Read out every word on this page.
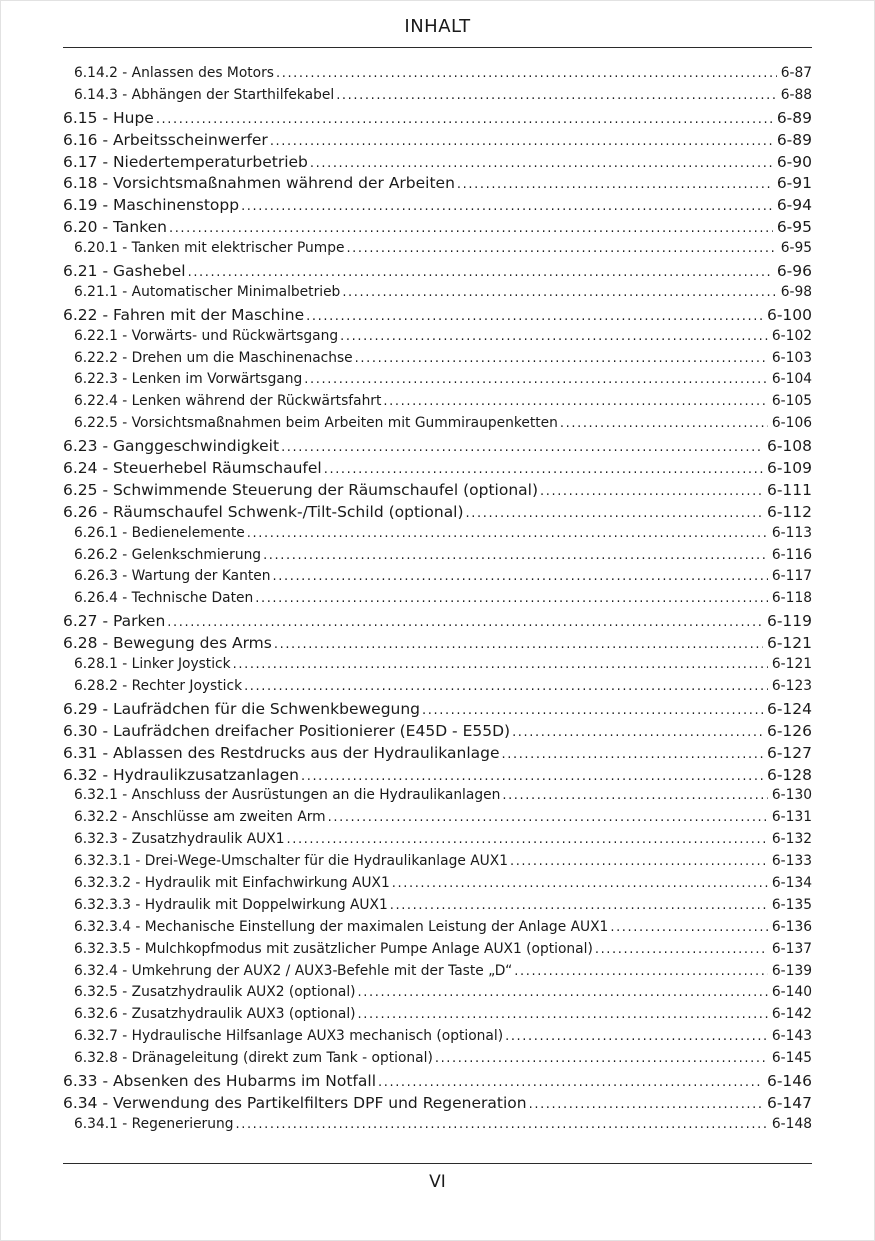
INHALT
6.14.2 - Anlassen des Motors .....	6-87
6.14.3 - Abhängen der Starthilfekabel .....	6-88
6.15 - Hupe .....	6-89
6.16 - Arbeitsscheinwerfer .....	6-89
6.17 - Niedertemperaturbetrieb .....	6-90
6.18 - Vorsichtsmaßnahmen während der Arbeiten .....	6-91
6.19 - Maschinenstopp .....	6-94
6.20 - Tanken .....	6-95
6.20.1 - Tanken mit elektrischer Pumpe .....	6-95
6.21 - Gashebel .....	6-96
6.21.1 - Automatischer Minimalbetrieb .....	6-98
6.22 - Fahren mit der Maschine .....	6-100
6.22.1 - Vorwärts- und Rückwärtsgang .....	6-102
6.22.2 - Drehen um die Maschinenachse .....	6-103
6.22.3 - Lenken im Vorwärtsgang .....	6-104
6.22.4 - Lenken während der Rückwärtsfahrt .....	6-105
6.22.5 - Vorsichtsmaßnahmen beim Arbeiten mit Gummiraupenketten .....	6-106
6.23 - Ganggeschwindigkeit .....	6-108
6.24 - Steuerhebel Räumschaufel .....	6-109
6.25 - Schwimmende Steuerung der Räumschaufel (optional) .....	6-111
6.26 - Räumschaufel Schwenk-/Tilt-Schild (optional) .....	6-112
6.26.1 - Bedienelemente .....	6-113
6.26.2 - Gelenkschmierung .....	6-116
6.26.3 - Wartung der Kanten .....	6-117
6.26.4 - Technische Daten .....	6-118
6.27 - Parken .....	6-119
6.28 - Bewegung des Arms .....	6-121
6.28.1 - Linker Joystick .....	6-121
6.28.2 - Rechter Joystick .....	6-123
6.29 - Laufrädchen für die Schwenkbewegung .....	6-124
6.30 - Laufrädchen dreifacher Positionierer (E45D - E55D) .....	6-126
6.31 - Ablassen des Restdrucks aus der Hydraulikanlage .....	6-127
6.32 - Hydraulikzusatzanlagen .....	6-128
6.32.1 - Anschluss der Ausrüstungen an die Hydraulikanlagen .....	6-130
6.32.2 - Anschlüsse am zweiten Arm .....	6-131
6.32.3 - Zusatzhydraulik AUX1 .....	6-132
6.32.3.1 - Drei-Wege-Umschalter für die Hydraulikanlage AUX1 .....	6-133
6.32.3.2 - Hydraulik mit Einfachwirkung AUX1 .....	6-134
6.32.3.3 - Hydraulik mit Doppelwirkung AUX1 .....	6-135
6.32.3.4 - Mechanische Einstellung der maximalen Leistung der Anlage AUX1 .....	6-136
6.32.3.5 - Mulchkopfmodus mit zusätzlicher Pumpe Anlage AUX1 (optional) .....	6-137
6.32.4 - Umkehrung der AUX2 / AUX3-Befehle mit der Taste „D“ .....	6-139
6.32.5 - Zusatzhydraulik AUX2 (optional) .....	6-140
6.32.6 - Zusatzhydraulik AUX3 (optional) .....	6-142
6.32.7 - Hydraulische Hilfsanlage AUX3 mechanisch (optional) .....	6-143
6.32.8 - Dränageleitung (direkt zum Tank - optional) .....	6-145
6.33 - Absenken des Hubarms im Notfall .....	6-146
6.34 - Verwendung des Partikelfilters DPF und Regeneration .....	6-147
6.34.1 - Regenerierung .....	6-148
VI
